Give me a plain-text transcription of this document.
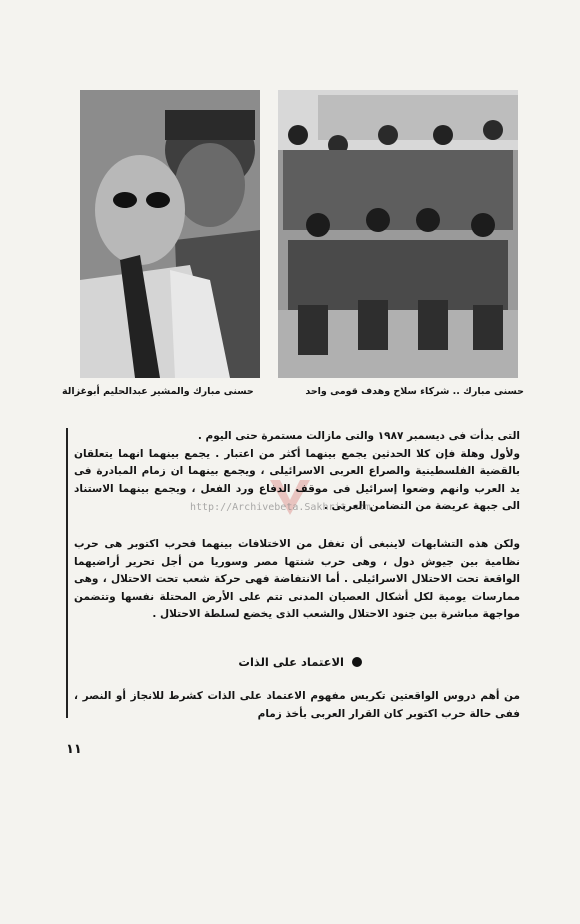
حسنى مبارك .. شركاء سلاح وهدف قومى واحد
حسنى مبارك والمشير عبدالحليم أبوغزالة
http://Archivebeta.Sakhrit.com

التى بدأت فى ديسمبر ١٩٨٧ والتى مازالت مستمرة حتى اليوم .

ولأول وهلة فإن كلا الحدثين يجمع بينهما أكثر من اعتبار . يجمع بينهما انهما يتعلقان بالقضية الفلسطينية والصراع العربى الاسرائيلى ، ويجمع بينهما ان زمام المبادرة فى يد العرب وانهم وضعوا إسرائيل فى موقف الدفاع ورد الفعل ، ويجمع بينهما الاستناد الى جبهة عريضة من التضامن العربى .

ولكن هذه التشابهات لاينبغى أن تغفل من الاختلافات بينهما فحرب اكتوبر هى حرب نظامية بين جيوش دول ، وهى حرب شنتها مصر وسوريا من أجل تحرير أراضيهما الواقعة تحت الاحتلال الاسرائيلى . أما الانتفاضة فهى حركة شعب تحت الاحتلال ، وهى ممارسات يومية لكل أشكال العصيان المدنى تتم على الأرض المحتلة نفسها وتتضمن مواجهة مباشرة بين جنود الاحتلال والشعب الذى يخضع لسلطة الاحتلال .

الاعتماد على الذات

من أهم دروس الواقعتين تكريس مفهوم الاعتماد على الذات كشرط للانجاز أو النصر ، ففى حالة حرب اكتوبر كان القرار العربى بأخذ زمام

١١
